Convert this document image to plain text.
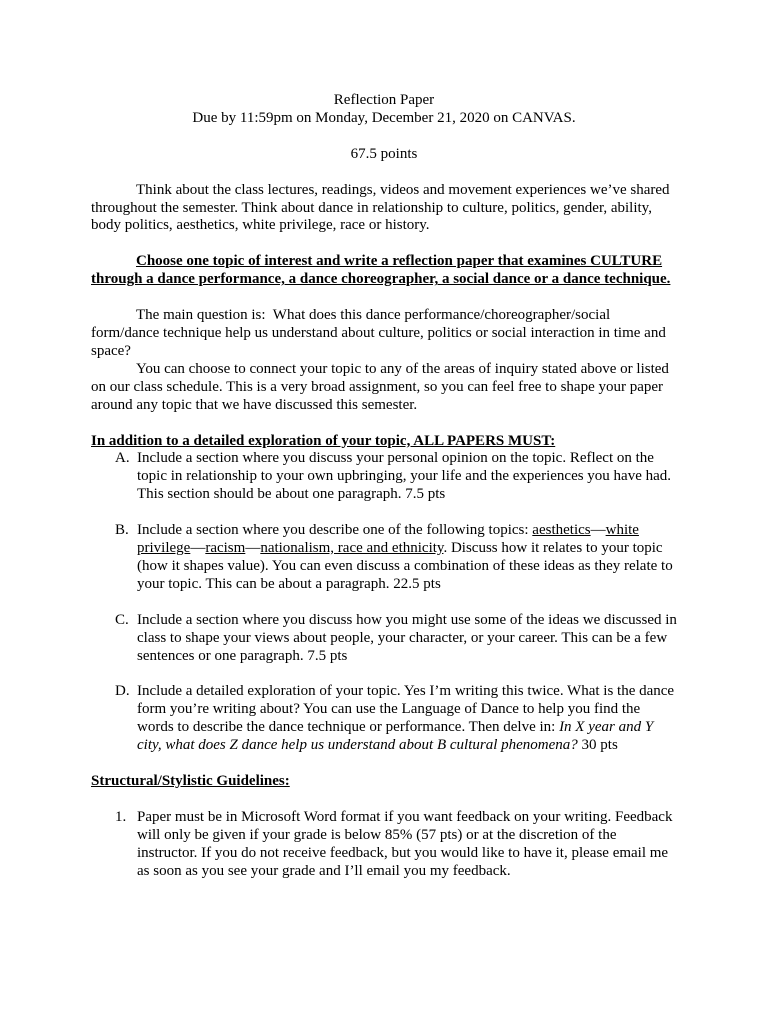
Reflection Paper
Due by 11:59pm on Monday, December 21, 2020 on CANVAS.
67.5 points
Think about the class lectures, readings, videos and movement experiences we’ve shared
throughout the semester. Think about dance in relationship to culture, politics, gender, ability,
body politics, aesthetics, white privilege, race or history.
Choose one topic of interest and write a reflection paper that examines CULTURE
through a dance performance, a dance choreographer, a social dance or a dance technique.
The main question is:  What does this dance performance/choreographer/social
form/dance technique help us understand about culture, politics or social interaction in time and
space?
You can choose to connect your topic to any of the areas of inquiry stated above or listed
on our class schedule. This is a very broad assignment, so you can feel free to shape your paper
around any topic that we have discussed this semester.
In addition to a detailed exploration of your topic, ALL PAPERS MUST:
A. Include a section where you discuss your personal opinion on the topic. Reflect on the
topic in relationship to your own upbringing, your life and the experiences you have had.
This section should be about one paragraph. 7.5 pts
B. Include a section where you describe one of the following topics: aesthetics—white
privilege—racism—nationalism, race and ethnicity. Discuss how it relates to your topic
(how it shapes value). You can even discuss a combination of these ideas as they relate to
your topic. This can be about a paragraph. 22.5 pts
C. Include a section where you discuss how you might use some of the ideas we discussed in
class to shape your views about people, your character, or your career. This can be a few
sentences or one paragraph. 7.5 pts
D. Include a detailed exploration of your topic. Yes I’m writing this twice. What is the dance
form you’re writing about? You can use the Language of Dance to help you find the
words to describe the dance technique or performance. Then delve in: In X year and Y
city, what does Z dance help us understand about B cultural phenomena? 30 pts
Structural/Stylistic Guidelines:
1. Paper must be in Microsoft Word format if you want feedback on your writing. Feedback
will only be given if your grade is below 85% (57 pts) or at the discretion of the
instructor. If you do not receive feedback, but you would like to have it, please email me
as soon as you see your grade and I’ll email you my feedback.
